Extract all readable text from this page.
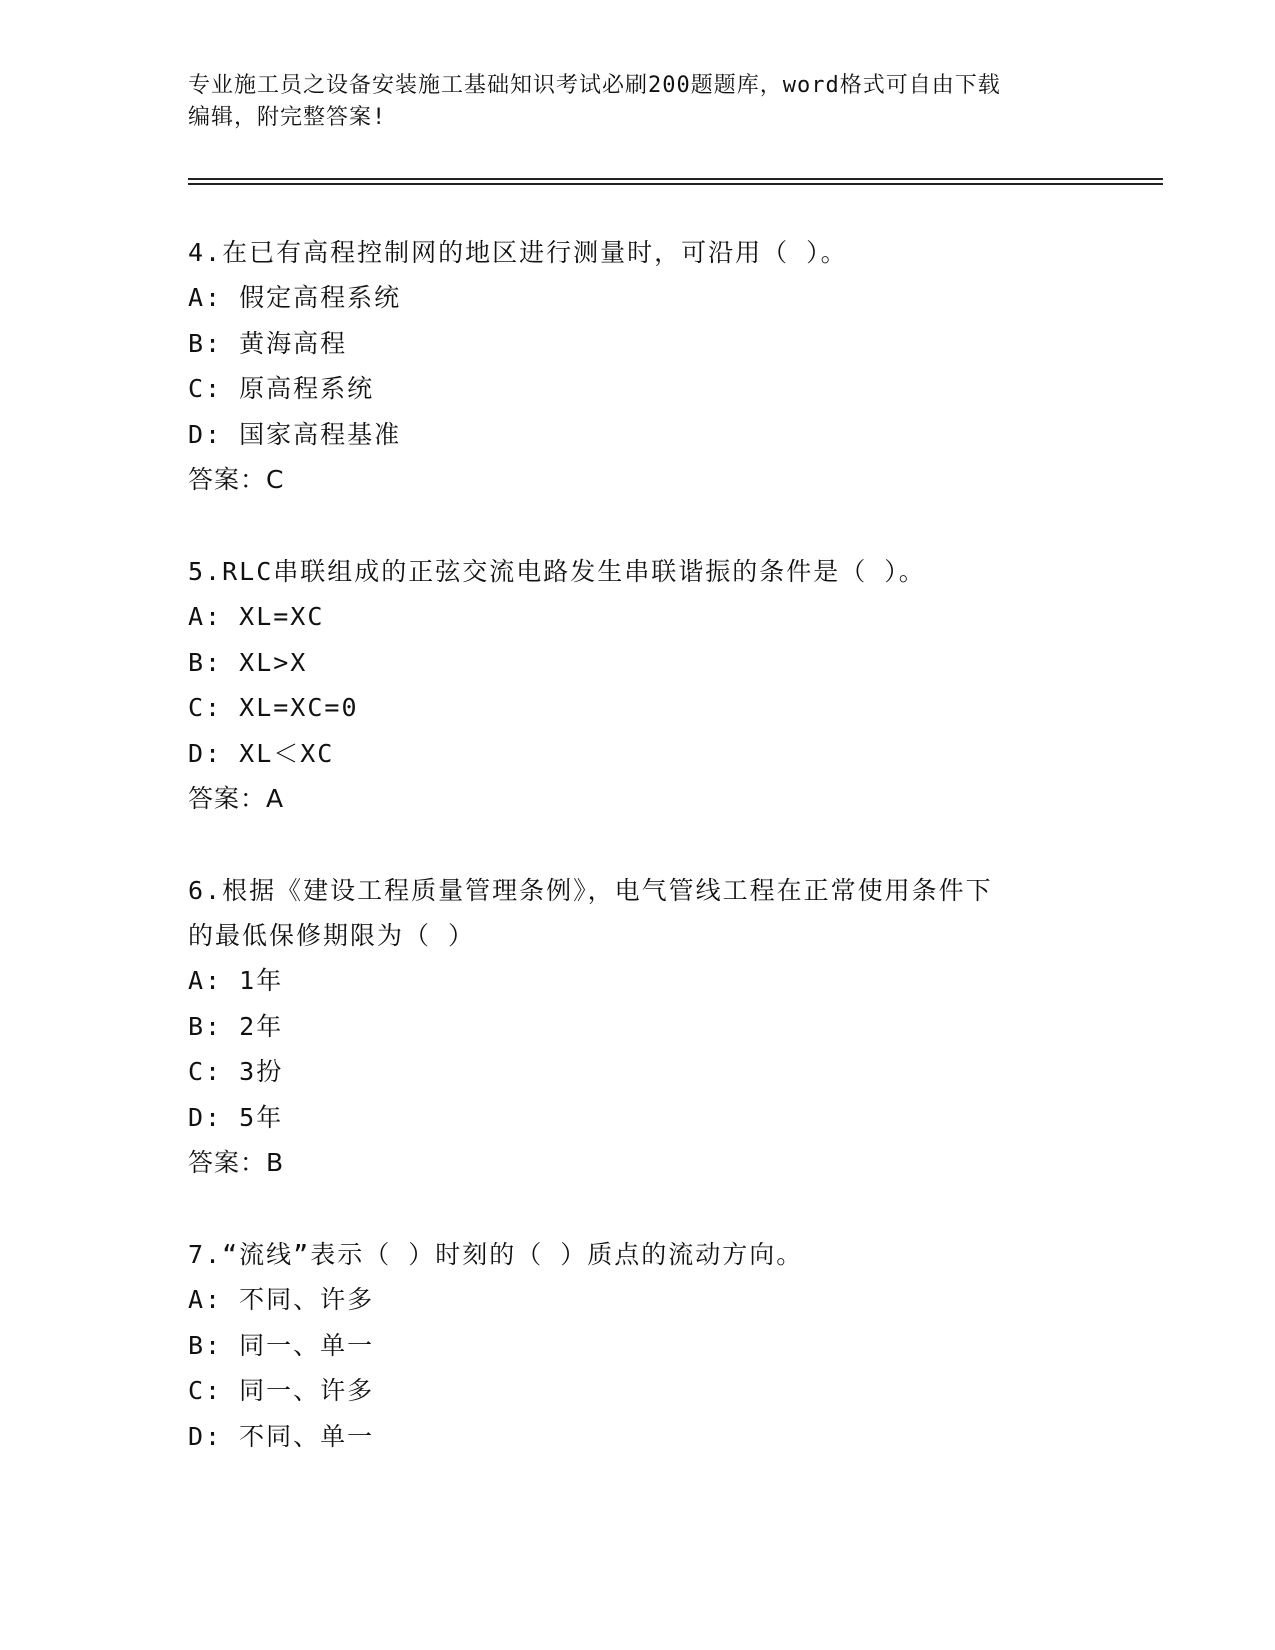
专业施工员之设备安装施工基础知识考试必刷200题题库，word格式可自由下载
编辑，附完整答案!

4.在已有高程控制网的地区进行测量时，可沿用（ ）。

A: 假定高程系统

B: 黄海高程

C: 原高程系统

D: 国家高程基准

答案：C

5.RLC串联组成的正弦交流电路发生串联谐振的条件是（ ）。

A: XL=XC

B: XL>X

C: XL=XC=0

D: XL＜XC

答案：A

6.根据《建设工程质量管理条例》，电气管线工程在正常使用条件下

的最低保修期限为（ ）

A: 1年

B: 2年

C: 3扮

D: 5年

答案：B

7.“流线”表示（ ）时刻的（ ）质点的流动方向。

A: 不同、许多

B: 同一、单一

C: 同一、许多

D: 不同、单一
